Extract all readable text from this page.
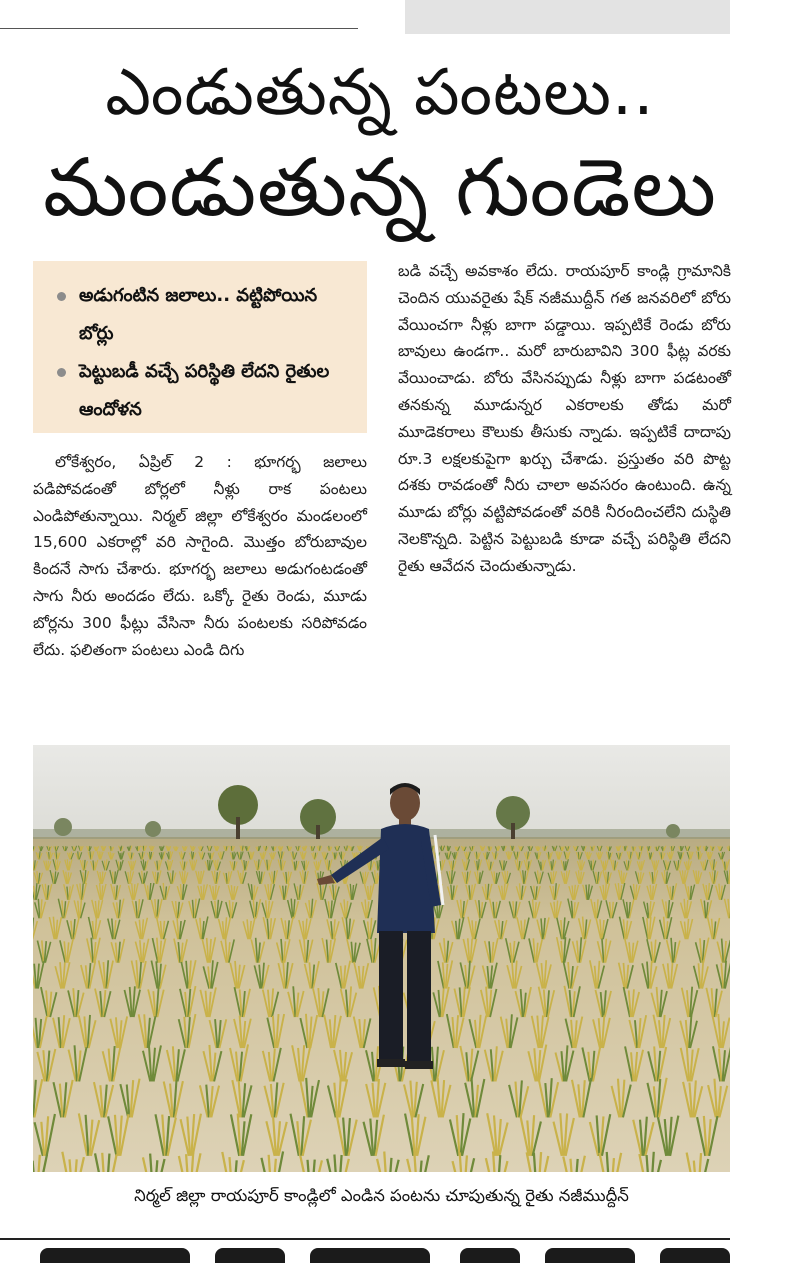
ఎండుతున్న పంటలు..
మండుతున్న గుండెలు
అడుగంటిన జలాలు.. వట్టిపోయిన బోర్లు
పెట్టుబడీ వచ్చే పరిస్థితి లేదని రైతుల ఆందోళన
లోకేశ్వరం, ఏప్రిల్ 2 : భూగర్భ జలాలు పడిపోవడంతో బోర్లలో నీళ్లు రాక పంటలు ఎండిపోతున్నాయి. నిర్మల్ జిల్లా లోకేశ్వరం మండలంలో 15,600 ఎకరాల్లో వరి సాగైంది. మొత్తం బోరుబావుల కిందనే సాగు చేశారు. భూగర్భ జలాలు అడుగంటడంతో సాగు నీరు అందడం లేదు. ఒక్కో రైతు రెండు, మూడు బోర్లను 300 ఫీట్లు వేసినా నీరు పంటలకు సరిపోవడం లేదు. ఫలితంగా పంటలు ఎండి దిగు
బడి వచ్చే అవకాశం లేదు. రాయపూర్ కాండ్లి గ్రామానికి చెందిన యువరైతు షేక్ నజీముద్దీన్ గత జనవరిలో బోరు వేయించగా నీళ్లు బాగా పడ్డాయి. ఇప్పటికే రెండు బోరు బావులు ఉండగా.. మరో బారుబావిని 300 ఫీట్ల వరకు వేయించాడు. బోరు వేసినప్పుడు నీళ్లు బాగా పడటంతో తనకున్న మూడున్నర ఎకరాలకు తోడు మరో మూడెకరాలు కౌలుకు తీసుకు న్నాడు. ఇప్పటికే దాదాపు రూ.3 లక్షలకుపైగా ఖర్చు చేశాడు. ప్రస్తుతం వరి పొట్ట దశకు రావడంతో నీరు చాలా అవసరం ఉంటుంది. ఉన్న మూడు బోర్లు వట్టిపోవడంతో వరికి నీరందించలేని దుస్థితి నెలకొన్నది. పెట్టిన పెట్టుబడి కూడా వచ్చే పరిస్థితి లేదని రైతు ఆవేదన చెందుతున్నాడు.
నిర్మల్ జిల్లా రాయపూర్ కాండ్లిలో ఎండిన పంటను చూపుతున్న రైతు నజీముద్దీన్
